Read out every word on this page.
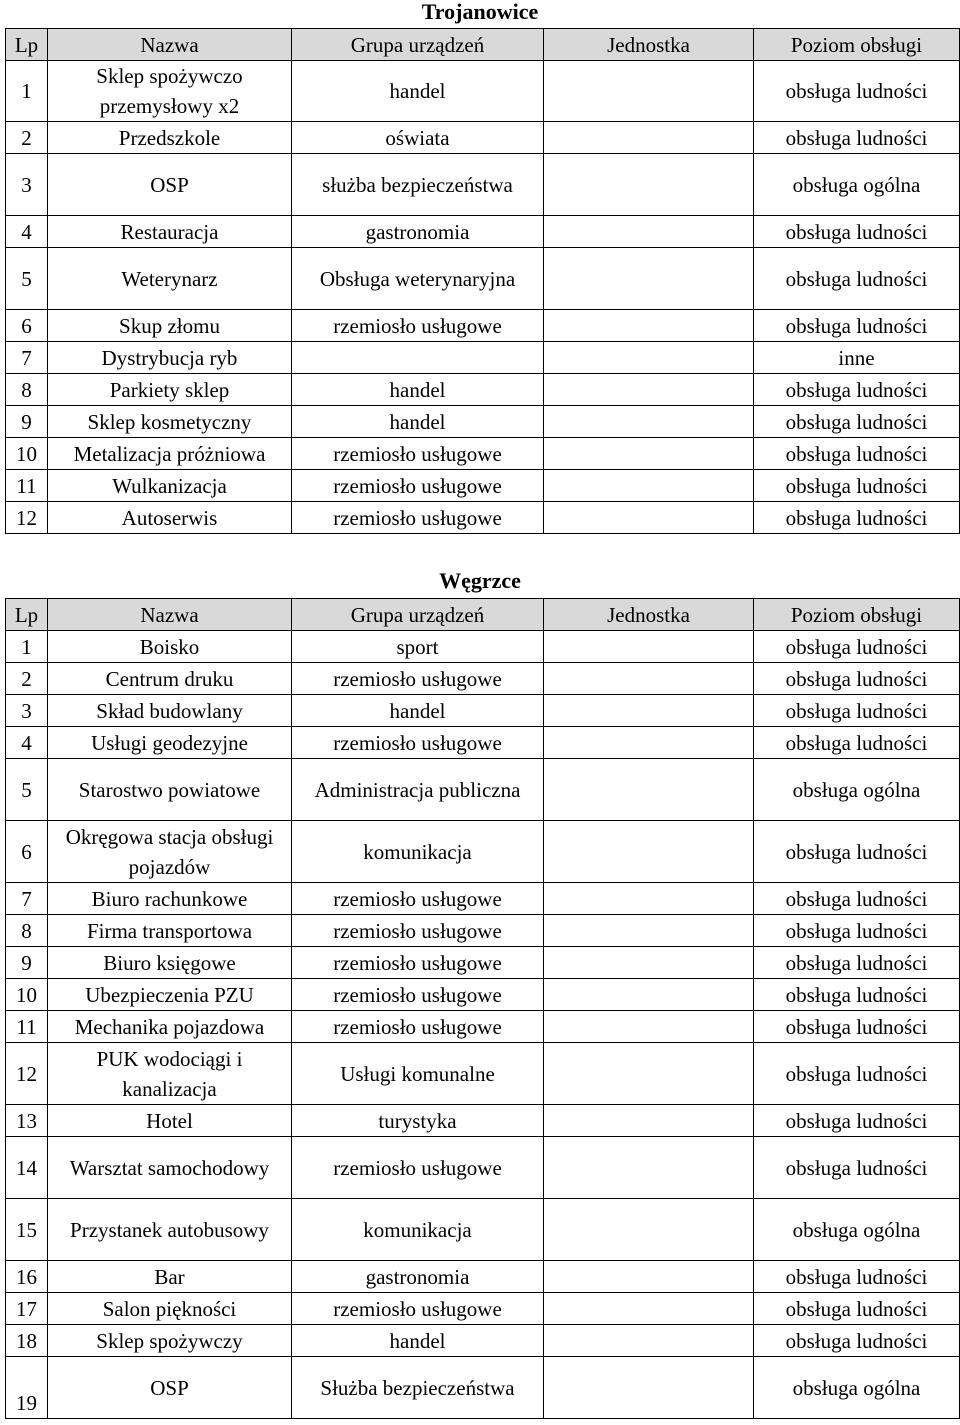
Trojanowice
Lp	Nazwa	Grupa urządzeń	Jednostka	Poziom obsługi
1	Sklep spożywczo przemysłowy x2	handel		obsługa ludności
2	Przedszkole	oświata		obsługa ludności
3	OSP	służba bezpieczeństwa		obsługa ogólna
4	Restauracja	gastronomia		obsługa ludności
5	Weterynarz	Obsługa weterynaryjna		obsługa ludności
6	Skup złomu	rzemiosło usługowe		obsługa ludności
7	Dystrybucja ryb			inne
8	Parkiety sklep	handel		obsługa ludności
9	Sklep kosmetyczny	handel		obsługa ludności
10	Metalizacja próżniowa	rzemiosło usługowe		obsługa ludności
11	Wulkanizacja	rzemiosło usługowe		obsługa ludności
12	Autoserwis	rzemiosło usługowe		obsługa ludności
Węgrzce
Lp	Nazwa	Grupa urządzeń	Jednostka	Poziom obsługi
1	Boisko	sport		obsługa ludności
2	Centrum druku	rzemiosło usługowe		obsługa ludności
3	Skład budowlany	handel		obsługa ludności
4	Usługi geodezyjne	rzemiosło usługowe		obsługa ludności
5	Starostwo powiatowe	Administracja publiczna		obsługa ogólna
6	Okręgowa stacja obsługi pojazdów	komunikacja		obsługa ludności
7	Biuro rachunkowe	rzemiosło usługowe		obsługa ludności
8	Firma transportowa	rzemiosło usługowe		obsługa ludności
9	Biuro księgowe	rzemiosło usługowe		obsługa ludności
10	Ubezpieczenia PZU	rzemiosło usługowe		obsługa ludności
11	Mechanika pojazdowa	rzemiosło usługowe		obsługa ludności
12	PUK wodociągi i kanalizacja	Usługi komunalne		obsługa ludności
13	Hotel	turystyka		obsługa ludności
14	Warsztat samochodowy	rzemiosło usługowe		obsługa ludności
15	Przystanek autobusowy	komunikacja		obsługa ogólna
16	Bar	gastronomia		obsługa ludności
17	Salon piękności	rzemiosło usługowe		obsługa ludności
18	Sklep spożywczy	handel		obsługa ludności
19	OSP	Służba bezpieczeństwa		obsługa ogólna
